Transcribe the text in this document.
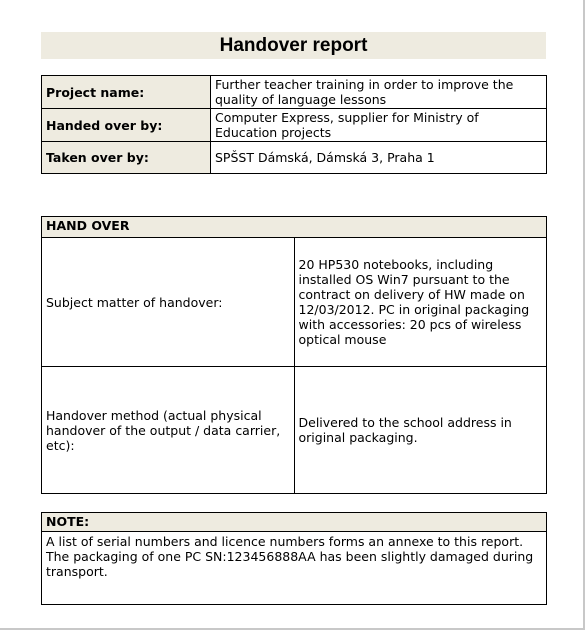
Handover report
Project name:	Further teacher training in order to improve the quality of language lessons
Handed over by:	Computer Express, supplier for Ministry of Education projects
Taken over by:	SPŠST Dámská, Dámská 3, Praha 1
HAND OVER	
Subject matter of handover:	20 HP530 notebooks, including installed OS Win7 pursuant to the contract on delivery of HW made on 12/03/2012. PC in original packaging with accessories: 20 pcs of wireless optical mouse
Handover method (actual physical handover of the output / data carrier, etc):	Delivered to the school address in original packaging.
NOTE:
A list of serial numbers and licence numbers forms an annexe to this report. The packaging of one PC SN:123456888AA has been slightly damaged during transport.
